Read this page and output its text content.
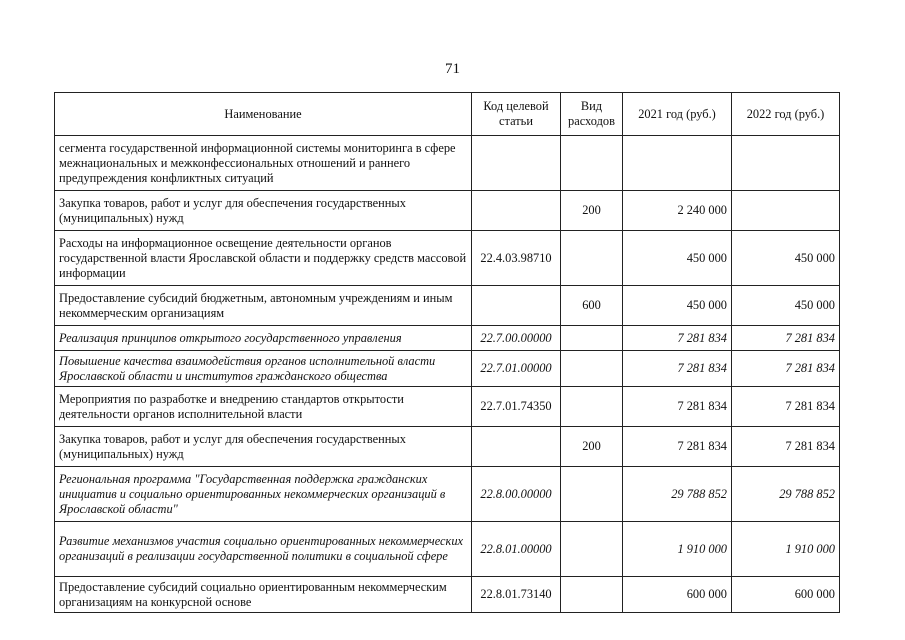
71
Наименование	Код целевой статьи	Вид расходов	2021 год (руб.)	2022 год (руб.)
сегмента государственной информационной системы мониторинга в сфере межнациональных и межконфессиональных отношений и раннего предупреждения конфликтных ситуаций				
Закупка товаров, работ и услуг для обеспечения государственных (муниципальных) нужд		200	2 240 000	
Расходы на информационное освещение деятельности органов государственной власти Ярославской области и поддержку средств массовой информации	22.4.03.98710		450 000	450 000
Предоставление субсидий бюджетным, автономным учреждениям и иным некоммерческим организациям		600	450 000	450 000
Реализация принципов открытого государственного управления	22.7.00.00000		7 281 834	7 281 834
Повышение качества взаимодействия органов исполнительной власти Ярославской области и институтов гражданского общества	22.7.01.00000		7 281 834	7 281 834
Мероприятия по разработке и внедрению стандартов открытости деятельности органов исполнительной власти	22.7.01.74350		7 281 834	7 281 834
Закупка товаров, работ и услуг для обеспечения государственных (муниципальных) нужд		200	7 281 834	7 281 834
Региональная программа "Государственная поддержка гражданских инициатив и социально ориентированных некоммерческих организаций в Ярославской области"	22.8.00.00000		29 788 852	29 788 852
Развитие механизмов участия социально ориентированных некоммерческих организаций в реализации государственной политики в социальной сфере	22.8.01.00000		1 910 000	1 910 000
Предоставление субсидий социально ориентированным некоммерческим организациям на конкурсной основе	22.8.01.73140		600 000	600 000
